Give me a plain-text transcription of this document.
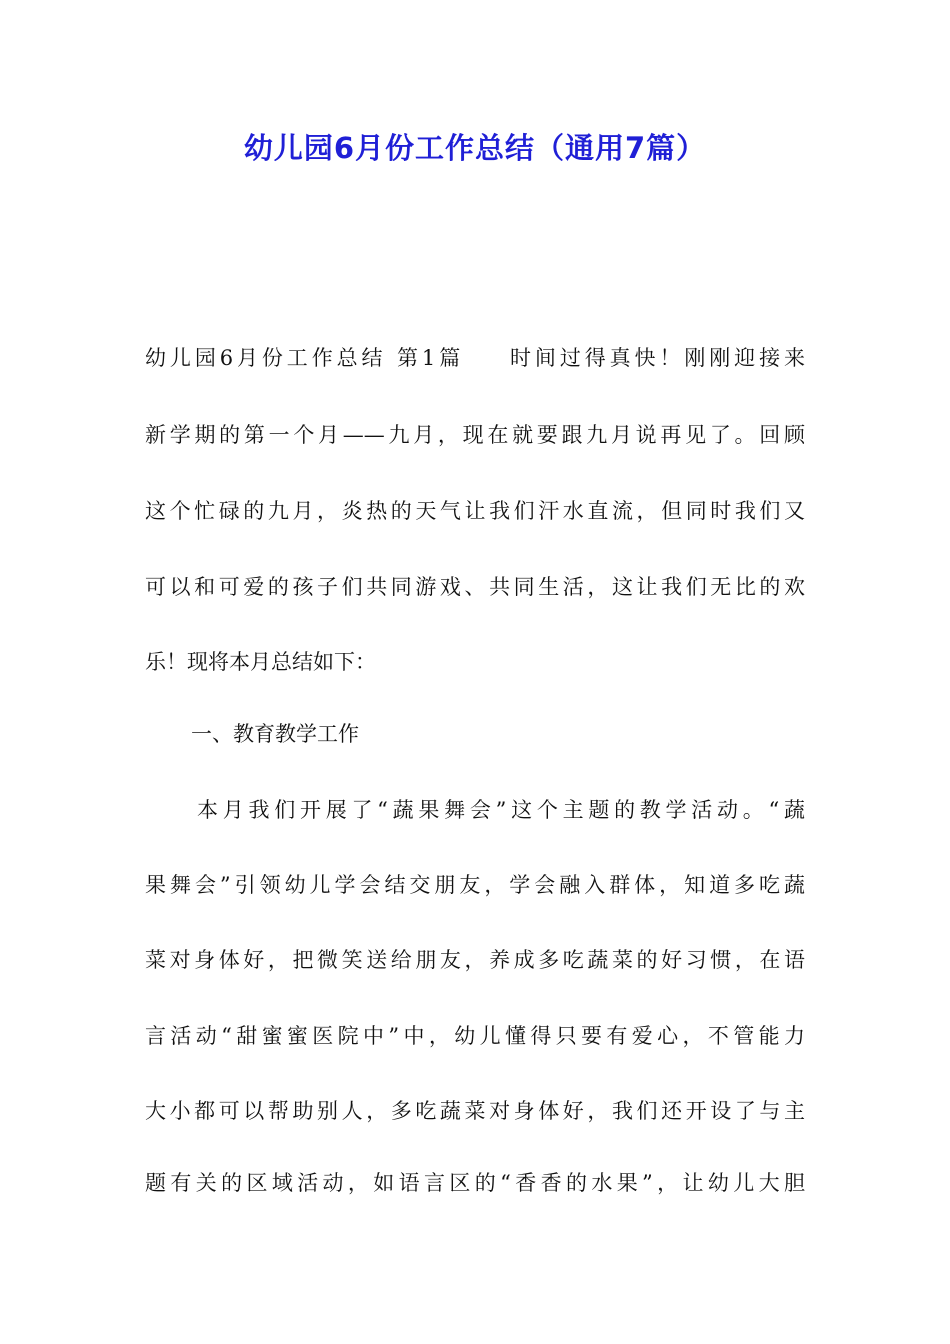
幼儿园6月份工作总结（通用7篇）
幼儿园6月份工作总结 第1篇 时间过得真快！刚刚迎接来
新学期的第一个月——九月，现在就要跟九月说再见了。回顾
这个忙碌的九月，炎热的天气让我们汗水直流，但同时我们又
可以和可爱的孩子们共同游戏、共同生活，这让我们无比的欢
乐！现将本月总结如下：
一、教育教学工作
本月我们开展了“蔬果舞会”这个主题的教学活动。“蔬
果舞会”引领幼儿学会结交朋友，学会融入群体，知道多吃蔬
菜对身体好，把微笑送给朋友，养成多吃蔬菜的好习惯，在语
言活动“甜蜜蜜医院中”中，幼儿懂得只要有爱心，不管能力
大小都可以帮助别人，多吃蔬菜对身体好，我们还开设了与主
题有关的区域活动，如语言区的“香香的水果”，让幼儿大胆
